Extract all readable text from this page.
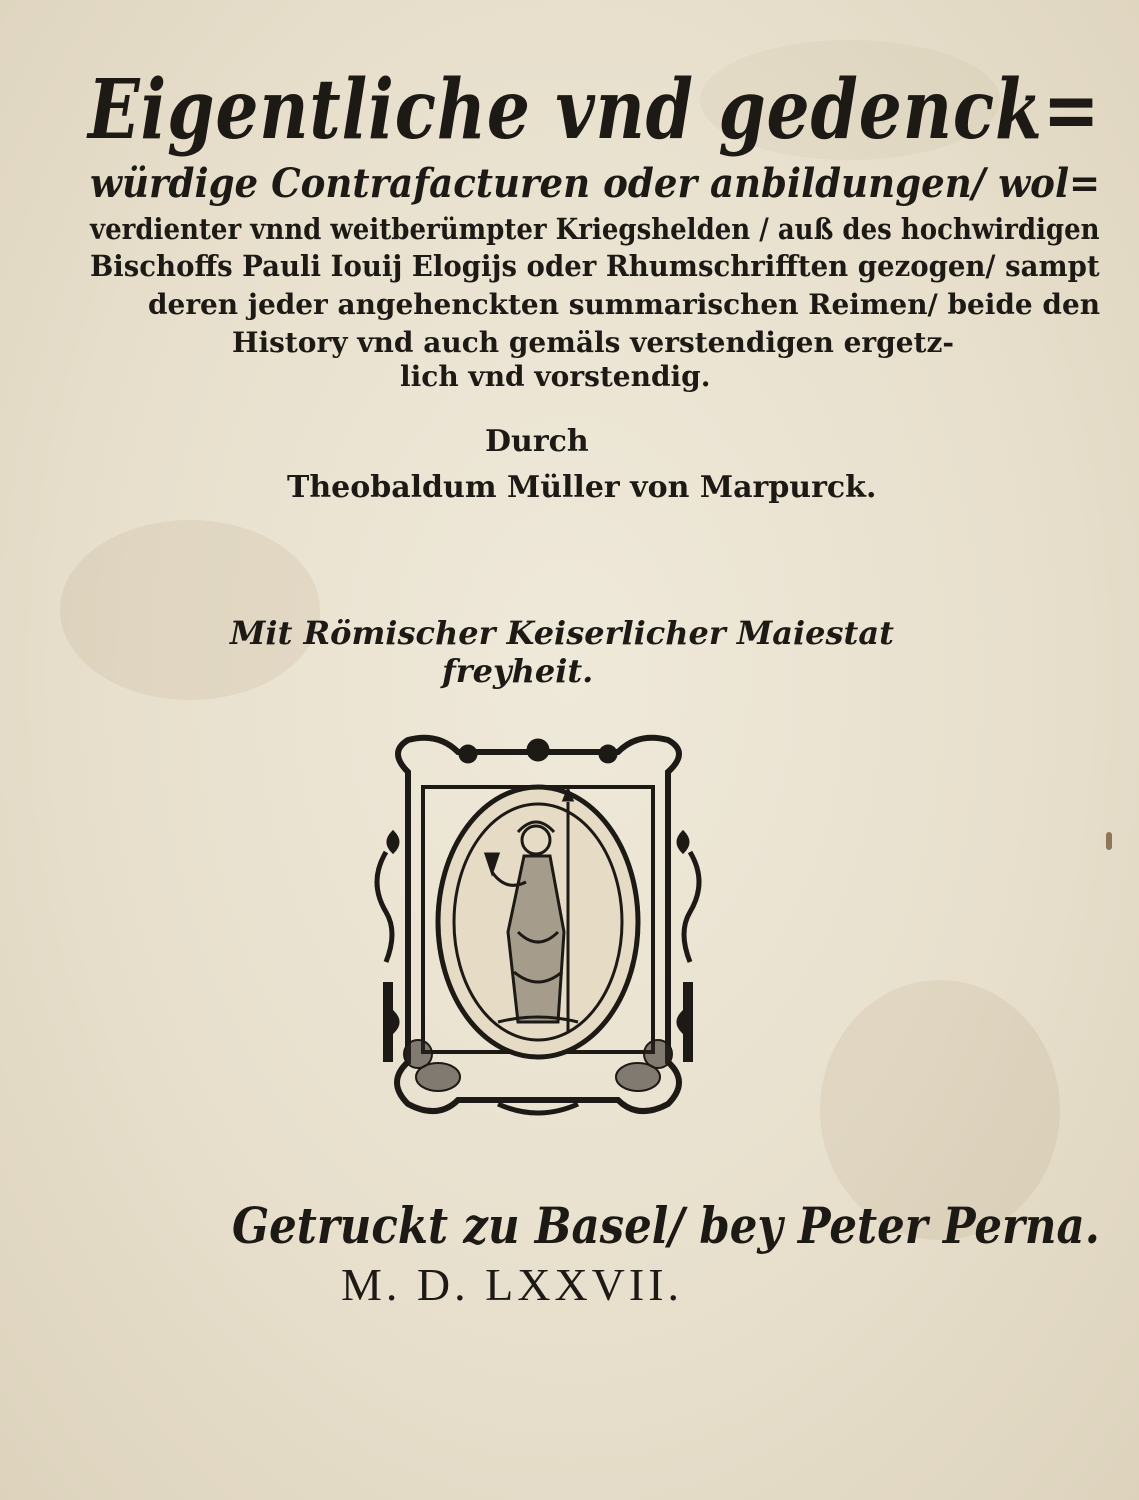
Eigentliche vnd gedenck=
würdige Contrafacturen oder anbildungen/ wol=
verdienter vnnd weitberümpter Kriegshelden / auß des hochwirdigen
Bischoffs Pauli Iouij Elogijs oder Rhumschrifften gezogen/ sampt
deren jeder angehenckten summarischen Reimen/ beide den
History vnd auch gemäls verstendigen ergetz-
lich vnd vorstendig.
Durch
Theobaldum Müller von Marpurck.
Mit Römischer Keiserlicher Maiestat
freyheit.
Getruckt zu Basel/ bey Peter Perna.
M. D. LXXVII.
